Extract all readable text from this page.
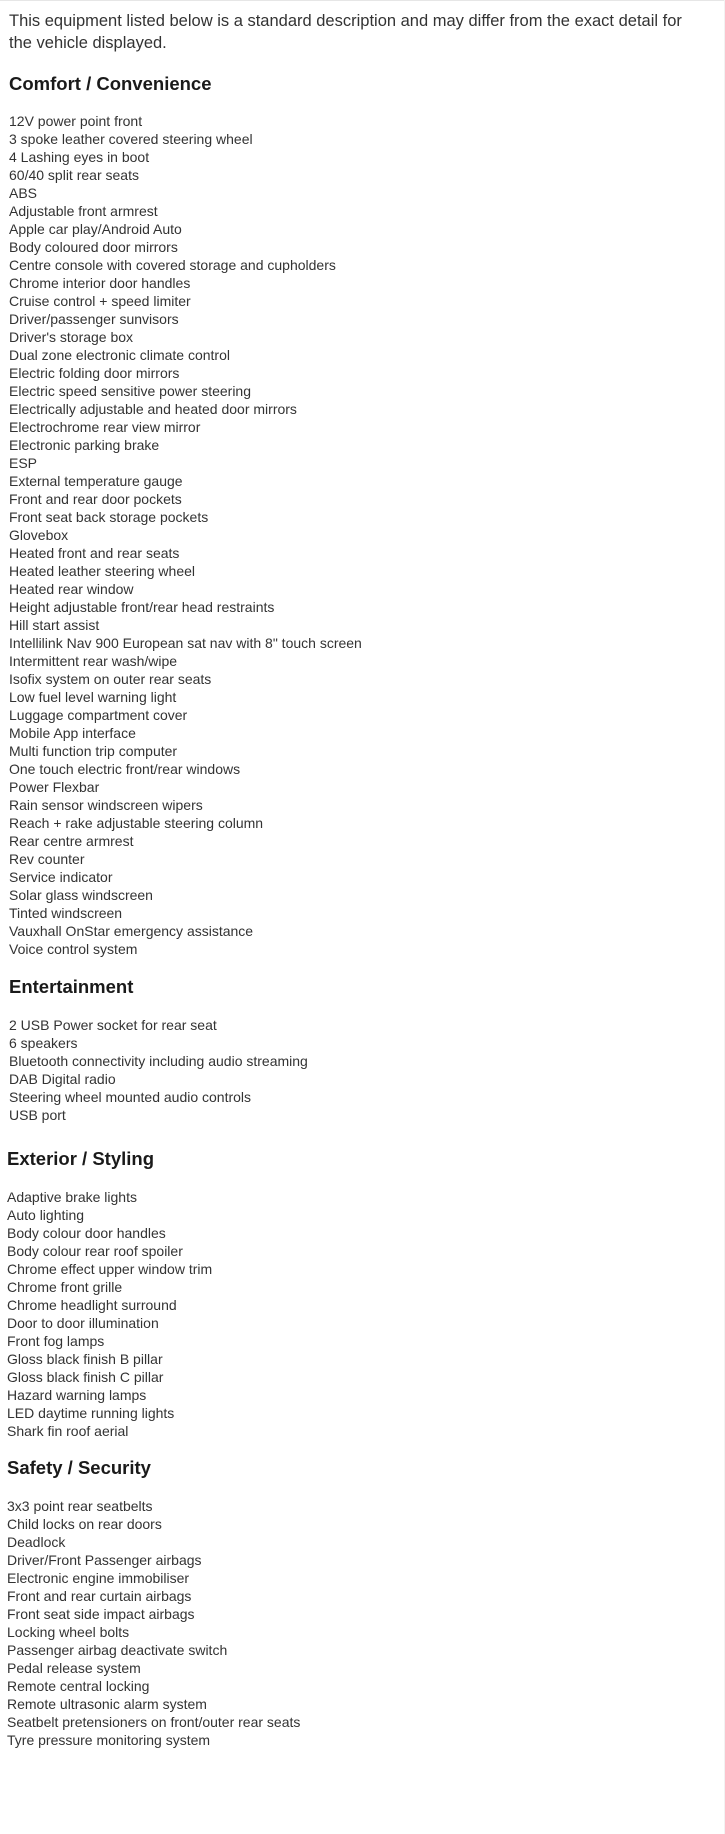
This equipment listed below is a standard description and may differ from the exact detail for the vehicle displayed.

Comfort / Convenience
12V power point front
3 spoke leather covered steering wheel
4 Lashing eyes in boot
60/40 split rear seats
ABS
Adjustable front armrest
Apple car play/Android Auto
Body coloured door mirrors
Centre console with covered storage and cupholders
Chrome interior door handles
Cruise control + speed limiter
Driver/passenger sunvisors
Driver's storage box
Dual zone electronic climate control
Electric folding door mirrors
Electric speed sensitive power steering
Electrically adjustable and heated door mirrors
Electrochrome rear view mirror
Electronic parking brake
ESP
External temperature gauge
Front and rear door pockets
Front seat back storage pockets
Glovebox
Heated front and rear seats
Heated leather steering wheel
Heated rear window
Height adjustable front/rear head restraints
Hill start assist
Intellilink Nav 900 European sat nav with 8" touch screen
Intermittent rear wash/wipe
Isofix system on outer rear seats
Low fuel level warning light
Luggage compartment cover
Mobile App interface
Multi function trip computer
One touch electric front/rear windows
Power Flexbar
Rain sensor windscreen wipers
Reach + rake adjustable steering column
Rear centre armrest
Rev counter
Service indicator
Solar glass windscreen
Tinted windscreen
Vauxhall OnStar emergency assistance
Voice control system
Entertainment
2 USB Power socket for rear seat
6 speakers
Bluetooth connectivity including audio streaming
DAB Digital radio
Steering wheel mounted audio controls
USB port
Exterior / Styling
Adaptive brake lights
Auto lighting
Body colour door handles
Body colour rear roof spoiler
Chrome effect upper window trim
Chrome front grille
Chrome headlight surround
Door to door illumination
Front fog lamps
Gloss black finish B pillar
Gloss black finish C pillar
Hazard warning lamps
LED daytime running lights
Shark fin roof aerial
Safety / Security
3x3 point rear seatbelts
Child locks on rear doors
Deadlock
Driver/Front Passenger airbags
Electronic engine immobiliser
Front and rear curtain airbags
Front seat side impact airbags
Locking wheel bolts
Passenger airbag deactivate switch
Pedal release system
Remote central locking
Remote ultrasonic alarm system
Seatbelt pretensioners on front/outer rear seats
Tyre pressure monitoring system
